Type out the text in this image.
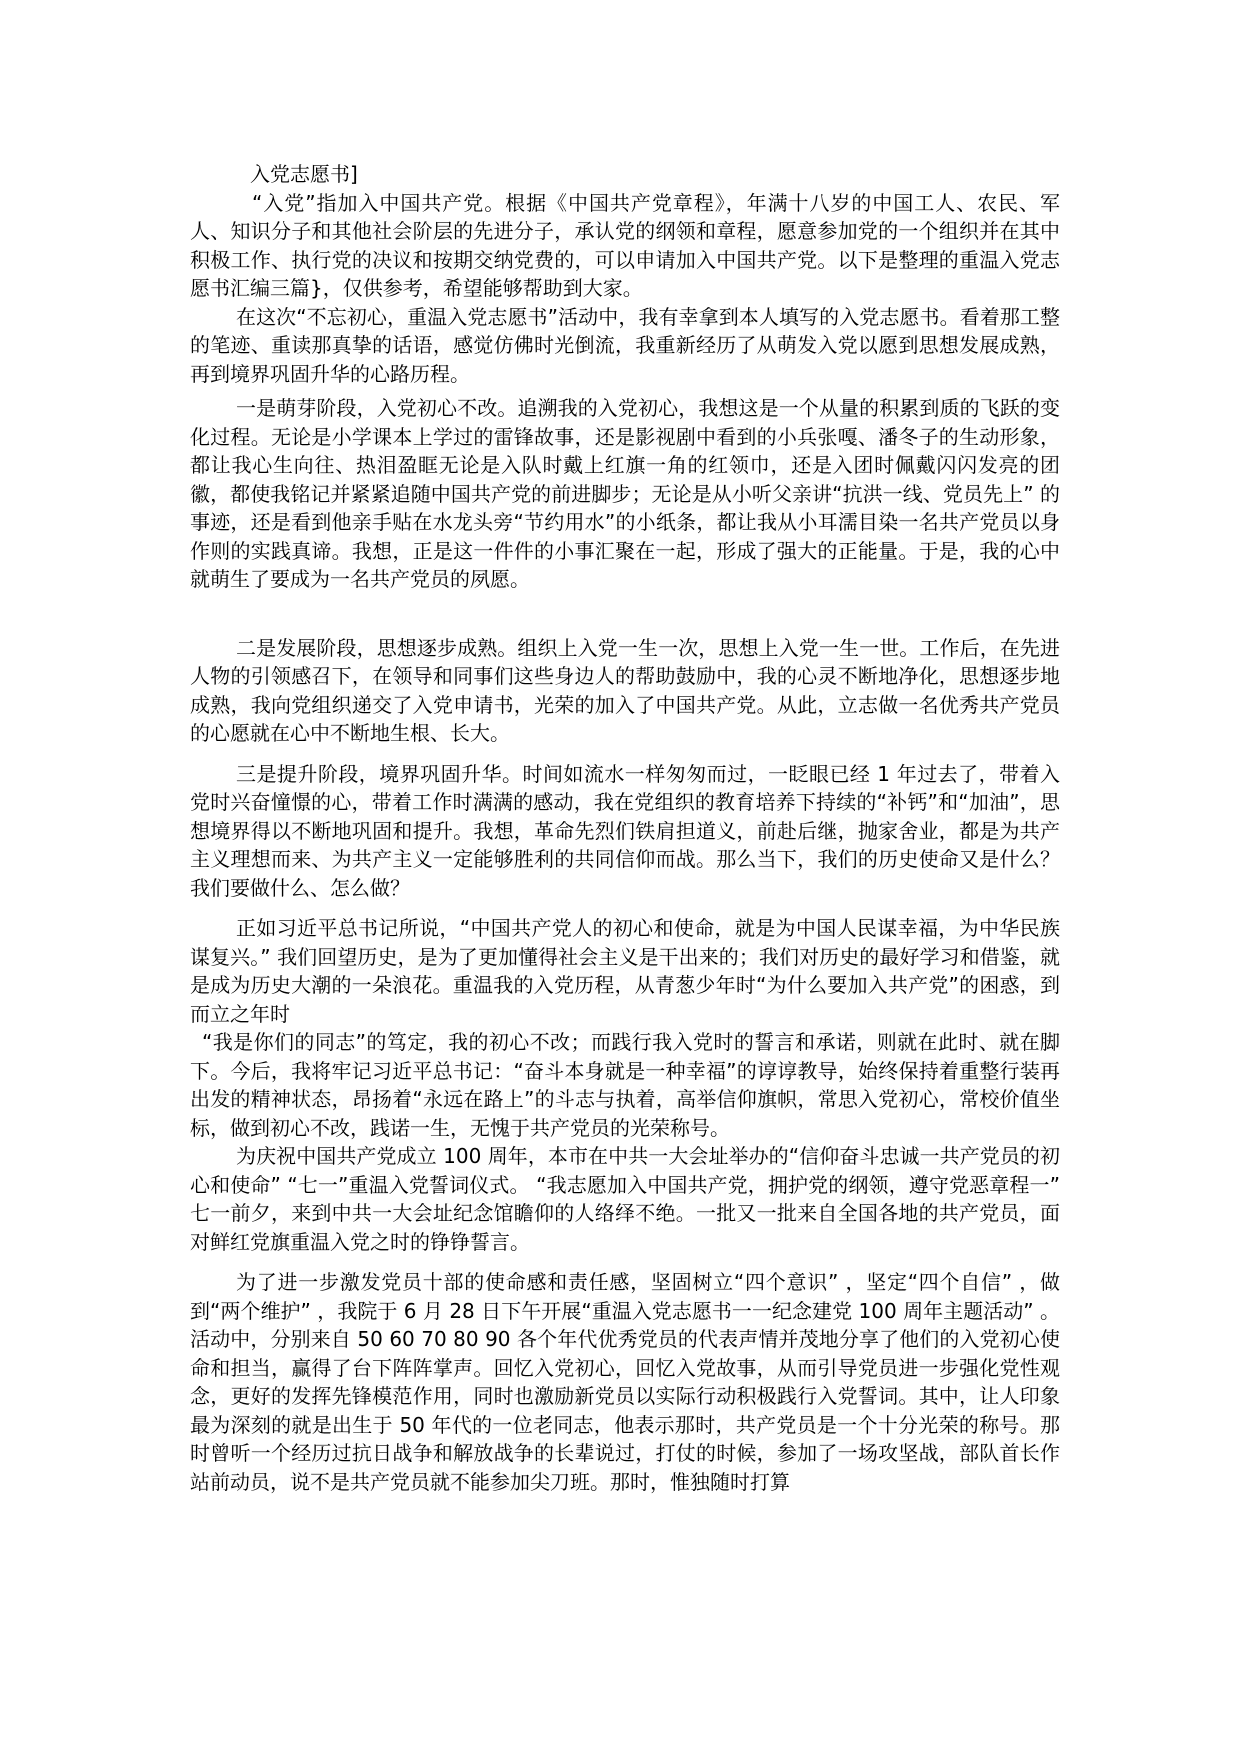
入党志愿书]

“入党”指加入中国共产党。根据《中国共产党章程》，年满十八岁的中国工人、农民、军人、知识分子和其他社会阶层的先进分子，承认党的纲领和章程，愿意参加党的一个组织并在其中积极工作、执行党的决议和按期交纳党费的，可以申请加入中国共产党。以下是整理的重温入党志愿书汇编三篇}，仅供参考，希望能够帮助到大家。

在这次“不忘初心，重温入党志愿书”活动中，我有幸拿到本人填写的入党志愿书。看着那工整的笔迹、重读那真挚的话语，感觉仿佛时光倒流，我重新经历了从萌发入党以愿到思想发展成熟，再到境界巩固升华的心路历程。

一是萌芽阶段，入党初心不改。追溯我的入党初心，我想这是一个从量的积累到质的飞跃的变化过程。无论是小学课本上学过的雷锋故事，还是影视剧中看到的小兵张嘎、潘冬子的生动形象，都让我心生向往、热泪盈眶无论是入队时戴上红旗一角的红领巾，还是入团时佩戴闪闪发亮的团徽，都使我铭记并紧紧追随中国共产党的前进脚步；无论是从小听父亲讲“抗洪一线、党员先上” 的事迹，还是看到他亲手贴在水龙头旁“节约用水”的小纸条，都让我从小耳濡目染一名共产党员以身作则的实践真谛。我想，正是这一件件的小事汇聚在一起，形成了强大的正能量。于是，我的心中就萌生了要成为一名共产党员的夙愿。

二是发展阶段，思想逐步成熟。组织上入党一生一次，思想上入党一生一世。工作后，在先进人物的引领感召下，在领导和同事们这些身边人的帮助鼓励中，我的心灵不断地净化，思想逐步地成熟，我向党组织递交了入党申请书，光荣的加入了中国共产党。从此，立志做一名优秀共产党员的心愿就在心中不断地生根、长大。

三是提升阶段，境界巩固升华。时间如流水一样匆匆而过，一眨眼已经 1 年过去了，带着入党时兴奋憧憬的心，带着工作时满满的感动，我在党组织的教育培养下持续的“补钙”和“加油”，思想境界得以不断地巩固和提升。我想，革命先烈们铁肩担道义，前赴后继，抛家舍业，都是为共产主义理想而来、为共产主义一定能够胜利的共同信仰而战。那么当下，我们的历史使命又是什么？我们要做什么、怎么做？

正如习近平总书记所说，“中国共产党人的初心和使命，就是为中国人民谋幸福，为中华民族谋复兴。” 我们回望历史，是为了更加懂得社会主义是干出来的；我们对历史的最好学习和借鉴，就是成为历史大潮的一朵浪花。重温我的入党历程，从青葱少年时“为什么要加入共产党”的困惑，到而立之年时

“我是你们的同志”的笃定，我的初心不改；而践行我入党时的誓言和承诺，则就在此时、就在脚下。今后，我将牢记习近平总书记：“奋斗本身就是一种幸福”的谆谆教导，始终保持着重整行装再出发的精神状态，昂扬着“永远在路上”的斗志与执着，高举信仰旗帜，常思入党初心，常校价值坐标，做到初心不改，践诺一生，无愧于共产党员的光荣称号。

为庆祝中国共产党成立 100 周年，本市在中共一大会址举办的“信仰奋斗忠诚一共产党员的初心和使命” “七一”重温入党誓词仪式。 “我志愿加入中国共产党，拥护党的纲领，遵守党恶章程一” 七一前夕，来到中共一大会址纪念馆瞻仰的人络绎不绝。一批又一批来自全国各地的共产党员，面对鲜红党旗重温入党之时的铮铮誓言。

为了进一步激发党员十部的使命感和责任感，坚固树立“四个意识” ，坚定“四个自信” ，做到“两个维护” ，我院于 6 月 28 日下午开展“重温入党志愿书一一纪念建党 100 周年主题活动” 。活动中，分别来自 50 60 70 80 90 各个年代优秀党员的代表声情并茂地分享了他们的入党初心使命和担当，赢得了台下阵阵掌声。回忆入党初心，回忆入党故事，从而引导党员进一步强化党性观念，更好的发挥先锋模范作用，同时也激励新党员以实际行动积极践行入党誓词。其中，让人印象最为深刻的就是出生于 50 年代的一位老同志，他表示那时，共产党员是一个十分光荣的称号。那时曾听一个经历过抗日战争和解放战争的长辈说过，打仗的时候，参加了一场攻坚战，部队首长作站前动员，说不是共产党员就不能参加尖刀班。那时，惟独随时打算
